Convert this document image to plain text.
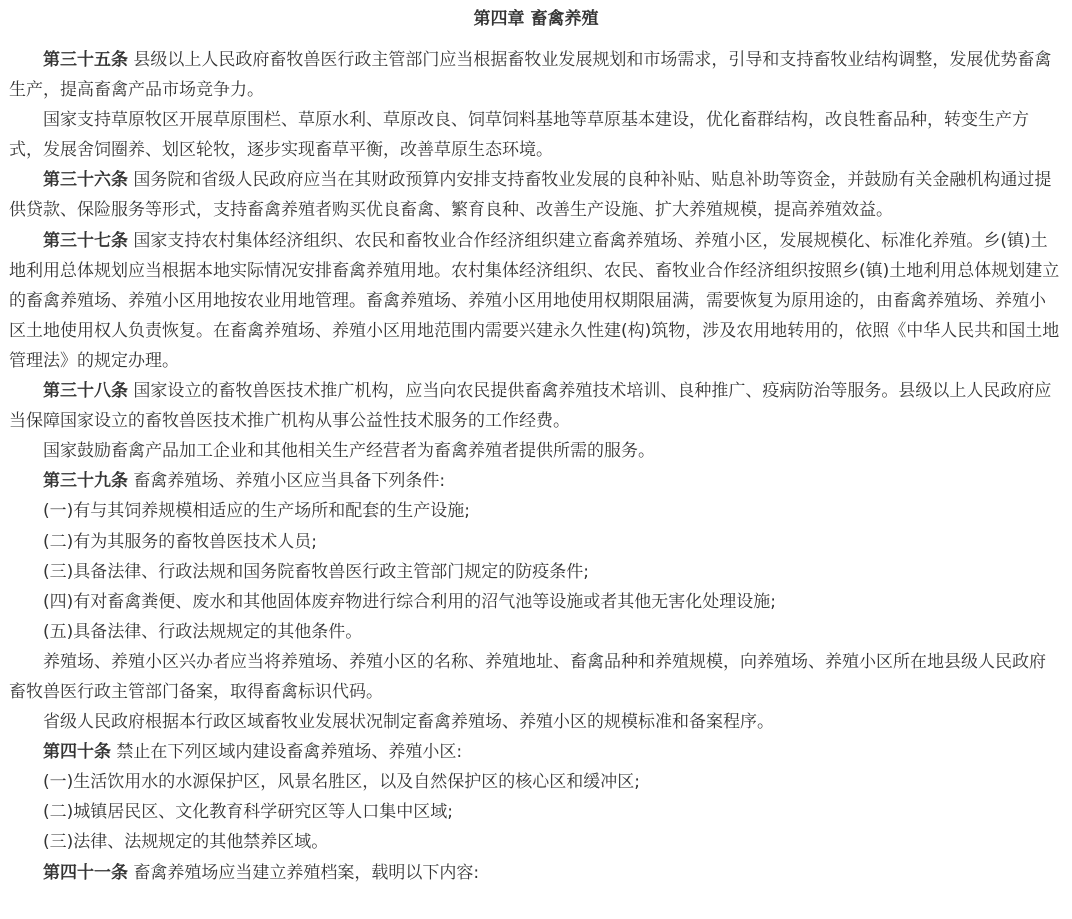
第四章 畜禽养殖

第三十五条 县级以上人民政府畜牧兽医行政主管部门应当根据畜牧业发展规划和市场需求，引导和支持畜牧业结构调整，发展优势畜禽生产，提高畜禽产品市场竞争力。

国家支持草原牧区开展草原围栏、草原水利、草原改良、饲草饲料基地等草原基本建设，优化畜群结构，改良牲畜品种，转变生产方式，发展舍饲圈养、划区轮牧，逐步实现畜草平衡，改善草原生态环境。

第三十六条 国务院和省级人民政府应当在其财政预算内安排支持畜牧业发展的良种补贴、贴息补助等资金，并鼓励有关金融机构通过提供贷款、保险服务等形式，支持畜禽养殖者购买优良畜禽、繁育良种、改善生产设施、扩大养殖规模，提高养殖效益。

第三十七条 国家支持农村集体经济组织、农民和畜牧业合作经济组织建立畜禽养殖场、养殖小区，发展规模化、标准化养殖。乡(镇)土地利用总体规划应当根据本地实际情况安排畜禽养殖用地。农村集体经济组织、农民、畜牧业合作经济组织按照乡(镇)土地利用总体规划建立的畜禽养殖场、养殖小区用地按农业用地管理。畜禽养殖场、养殖小区用地使用权期限届满，需要恢复为原用途的，由畜禽养殖场、养殖小区土地使用权人负责恢复。在畜禽养殖场、养殖小区用地范围内需要兴建永久性建(构)筑物，涉及农用地转用的，依照《中华人民共和国土地管理法》的规定办理。

第三十八条 国家设立的畜牧兽医技术推广机构，应当向农民提供畜禽养殖技术培训、良种推广、疫病防治等服务。县级以上人民政府应当保障国家设立的畜牧兽医技术推广机构从事公益性技术服务的工作经费。

国家鼓励畜禽产品加工企业和其他相关生产经营者为畜禽养殖者提供所需的服务。

第三十九条 畜禽养殖场、养殖小区应当具备下列条件:

(一)有与其饲养规模相适应的生产场所和配套的生产设施;

(二)有为其服务的畜牧兽医技术人员;

(三)具备法律、行政法规和国务院畜牧兽医行政主管部门规定的防疫条件;

(四)有对畜禽粪便、废水和其他固体废弃物进行综合利用的沼气池等设施或者其他无害化处理设施;

(五)具备法律、行政法规规定的其他条件。

养殖场、养殖小区兴办者应当将养殖场、养殖小区的名称、养殖地址、畜禽品种和养殖规模，向养殖场、养殖小区所在地县级人民政府畜牧兽医行政主管部门备案，取得畜禽标识代码。

省级人民政府根据本行政区域畜牧业发展状况制定畜禽养殖场、养殖小区的规模标准和备案程序。

第四十条 禁止在下列区域内建设畜禽养殖场、养殖小区:

(一)生活饮用水的水源保护区，风景名胜区，以及自然保护区的核心区和缓冲区;

(二)城镇居民区、文化教育科学研究区等人口集中区域;

(三)法律、法规规定的其他禁养区域。

第四十一条 畜禽养殖场应当建立养殖档案，载明以下内容:
